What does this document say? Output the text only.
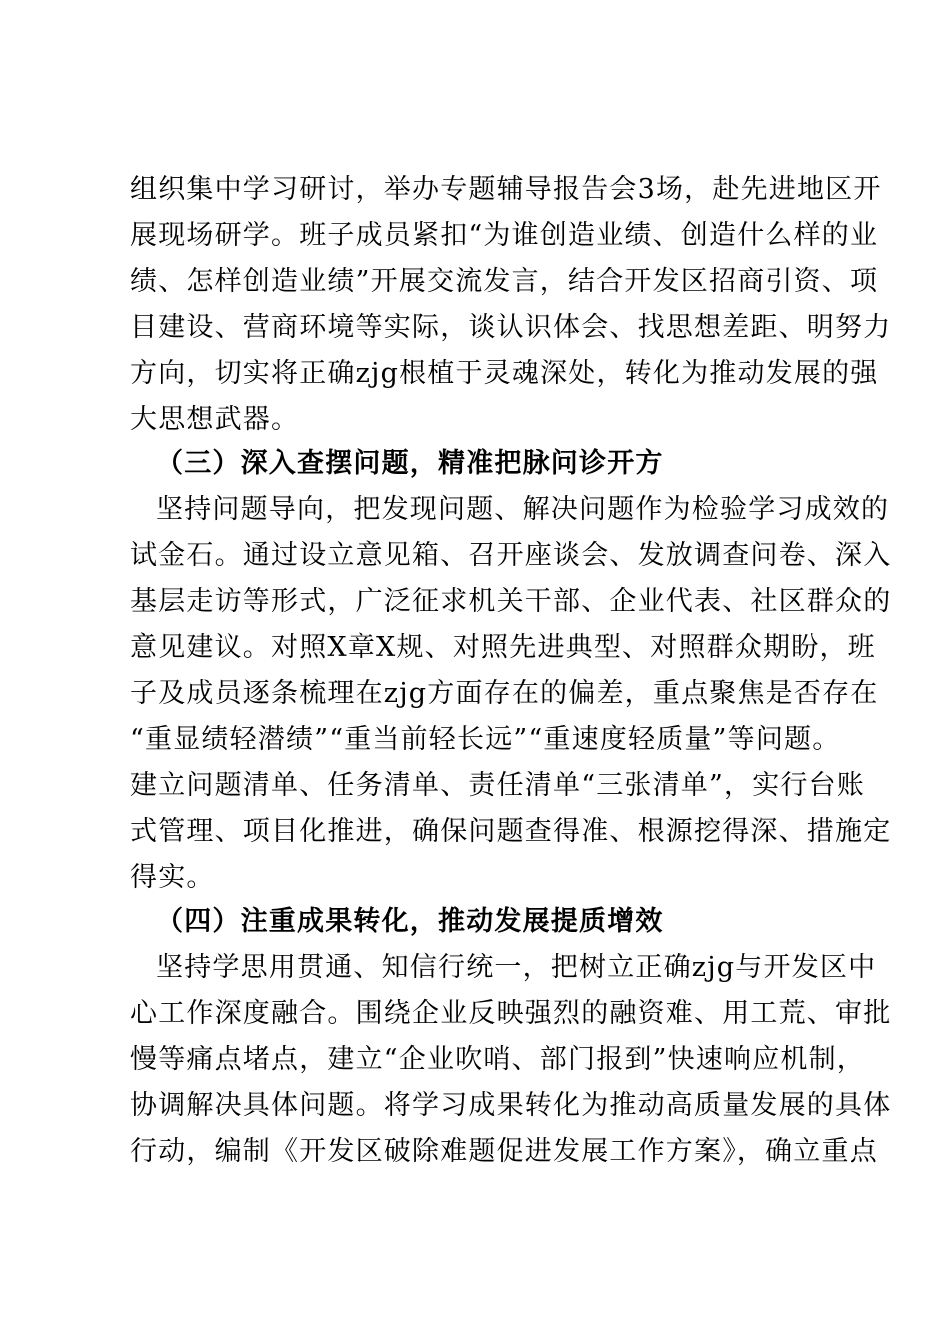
组织集中学习研讨，举办专题辅导报告会3场，赴先进地区开
展现场研学。班子成员紧扣“为谁创造业绩、创造什么样的业
绩、怎样创造业绩”开展交流发言，结合开发区招商引资、项
目建设、营商环境等实际，谈认识体会、找思想差距、明努力
方向，切实将正确zjg根植于灵魂深处，转化为推动发展的强
大思想武器。
（三）深入查摆问题，精准把脉问诊开方
坚持问题导向，把发现问题、解决问题作为检验学习成效的
试金石。通过设立意见箱、召开座谈会、发放调查问卷、深入
基层走访等形式，广泛征求机关干部、企业代表、社区群众的
意见建议。对照X章X规、对照先进典型、对照群众期盼，班
子及成员逐条梳理在zjg方面存在的偏差，重点聚焦是否存在
“重显绩轻潜绩”“重当前轻长远”“重速度轻质量”等问题。
建立问题清单、任务清单、责任清单“三张清单”，实行台账
式管理、项目化推进，确保问题查得准、根源挖得深、措施定
得实。
（四）注重成果转化，推动发展提质增效
坚持学思用贯通、知信行统一，把树立正确zjg与开发区中
心工作深度融合。围绕企业反映强烈的融资难、用工荒、审批
慢等痛点堵点，建立“企业吹哨、部门报到”快速响应机制，
协调解决具体问题。将学习成果转化为推动高质量发展的具体
行动，编制《开发区破除难题促进发展工作方案》，确立重点
